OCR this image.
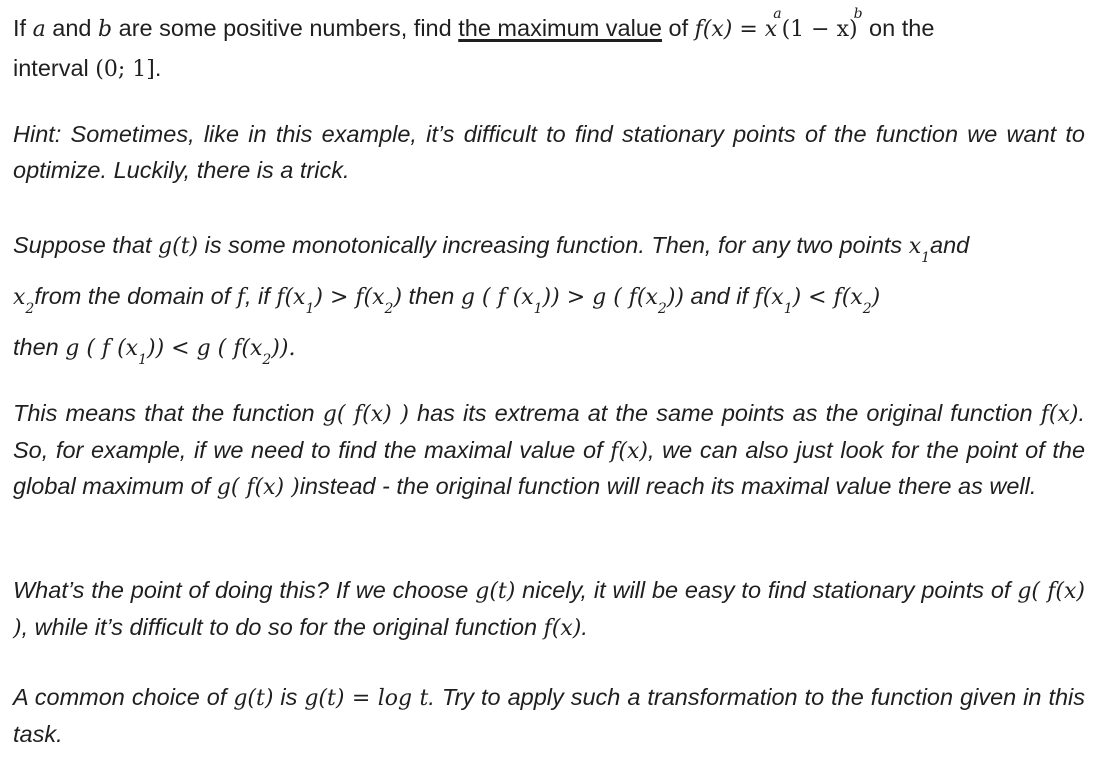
If a and b are some positive numbers, find the maximum value of $f(x) = x^a(1 - x)^b$ on the
interval (0; 1].

Hint: Sometimes, like in this example, it’s difficult to find stationary points of the function we want to optimize. Luckily, there is a trick.

Suppose that g(t) is some monotonically increasing function. Then, for any two points $x_1and$
$x_2from$ the domain of f, if $f(x_1) > f(x_2)$ then g ( f $(x_1)) > g$ ( $f(x_2)$) and if $f(x_1) < f(x_2)$
then g ( f $(x_1)) < g$ ( $f(x_2)$).

This means that the function g( f(x) ) has its extrema at the same points as the original function f(x). So, for example, if we need to find the maximal value of f(x), we can also just look for the point of the global maximum of g( f(x) )instead - the original function will reach its maximal value there as well.

What’s the point of doing this? If we choose g(t) nicely, it will be easy to find stationary points of g( f(x) ), while it’s difficult to do so for the original function f(x).

A common choice of g(t) is g(t) = log t. Try to apply such a transformation to the function given in this task.
